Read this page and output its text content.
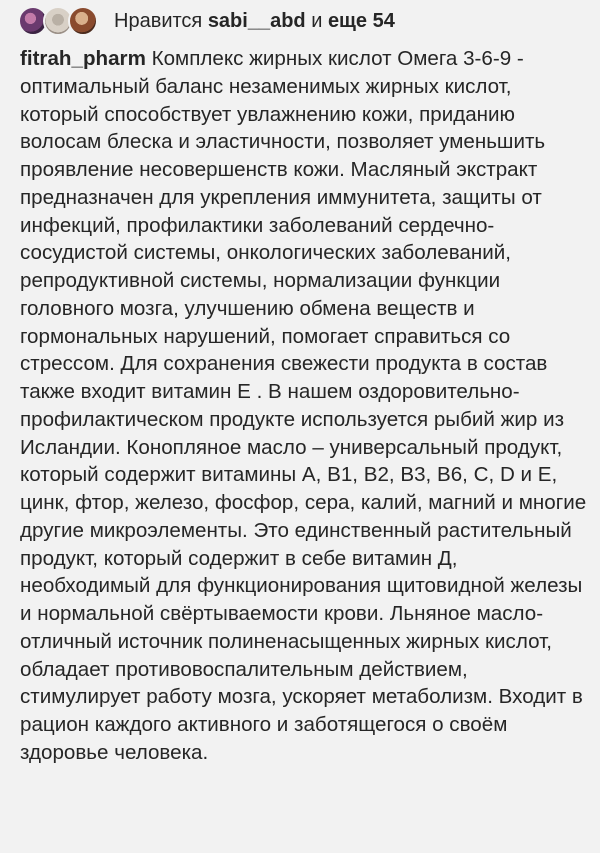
Нравится sabi__abd и еще 54
fitrah_pharm Комплекс жирных кислот Омега 3-6-9 - оптимальный баланс незаменимых жирных кислот, который способствует увлажнению кожи, приданию волосам блеска и эластичности, позволяет уменьшить проявление несовершенств кожи. Масляный экстракт предназначен для укрепления иммунитета, защиты от инфекций, профилактики заболеваний сердечно-сосудистой системы, онкологических заболеваний, репродуктивной системы, нормализации функции головного мозга, улучшению обмена веществ и гормональных нарушений, помогает справиться со стрессом. Для сохранения свежести продукта в состав также входит витамин Е . В нашем оздоровительно-профилактическом продукте используется рыбий жир из Исландии. Конопляное масло – универсальный продукт, который содержит витамины А, В1, В2, В3, В6, С, D и Е, цинк, фтор, железо, фосфор, сера, калий, магний и многие другие микроэлементы. Это единственный растительный продукт, который содержит в себе витамин Д, необходимый для функционирования щитовидной железы и нормальной свёртываемости крови. Льняное масло- отличный источник полиненасыщенных жирных кислот, обладает противовоспалительным действием, стимулирует работу мозга, ускоряет метаболизм. Входит в рацион каждого активного и заботящегося о своём здоровье человека.
